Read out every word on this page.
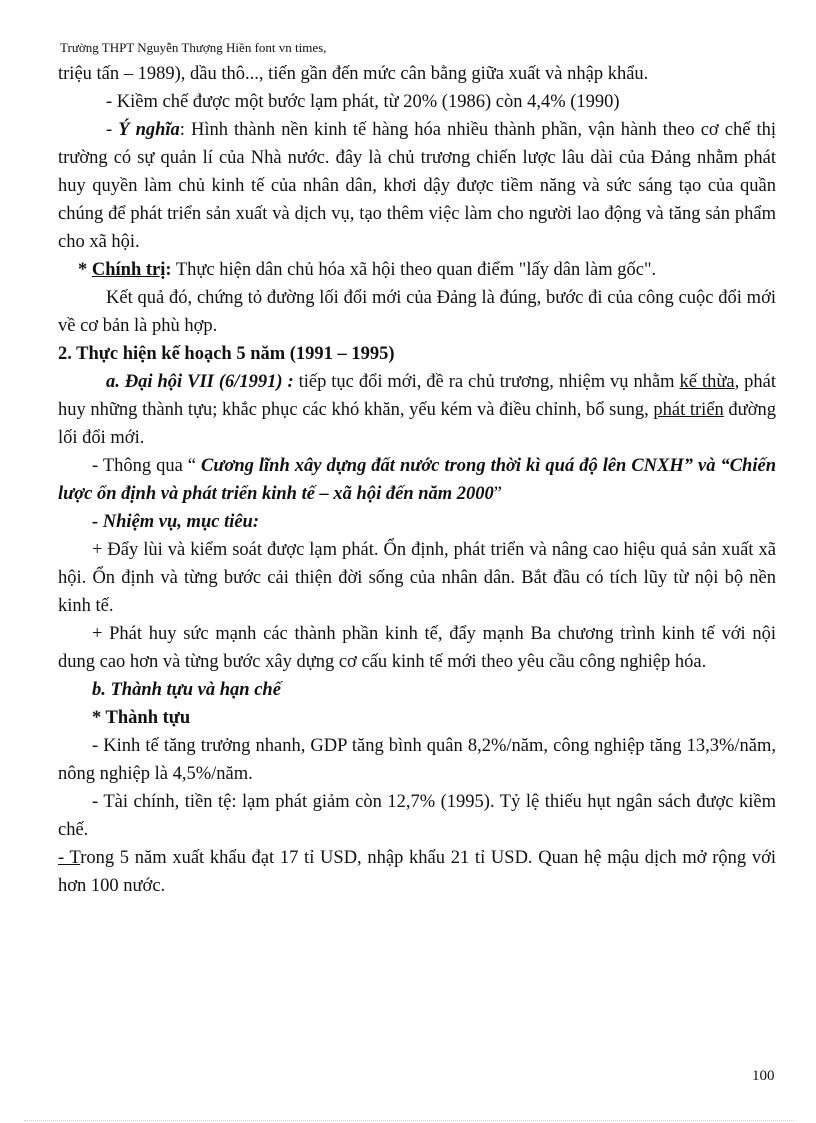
Trường THPT Nguyễn Thượng Hiền font vn times,

triệu tấn – 1989), dầu thô..., tiến gần đến mức cân bằng giữa xuất và nhập khẩu.

- Kiềm chế được một bước lạm phát, từ 20% (1986) còn 4,4% (1990)

- Ý nghĩa: Hình thành nền kinh tế hàng hóa nhiều thành phần, vận hành theo cơ chế thị trường có sự quản lí của Nhà nước. đây là chủ trương chiến lược lâu dài của Đảng nhằm phát huy quyền làm chủ kinh tế của nhân dân, khơi dậy được tiềm năng và sức sáng tạo của quần chúng để phát triển sản xuất và dịch vụ, tạo thêm việc làm cho người lao động và tăng sản phẩm cho xã hội.

* Chính trị: Thực hiện dân chủ hóa xã hội theo quan điểm "lấy dân làm gốc".

Kết quả đó, chứng tỏ đường lối đổi mới của Đảng là đúng, bước đi của công cuộc đổi mới về cơ bản là phù hợp.

2. Thực hiện kế hoạch 5 năm (1991 – 1995)

a. Đại hội VII (6/1991) : tiếp tục đổi mới, đề ra chủ trương, nhiệm vụ nhằm kế thừa, phát huy những thành tựu; khắc phục các khó khăn, yếu kém và điều chỉnh, bổ sung, phát triển đường lối đổi mới.

- Thông qua “ Cương lĩnh xây dựng đất nước trong thời kì quá độ lên CNXH” và “Chiến lược ổn định và phát triển kinh tế – xã hội đến năm 2000”

- Nhiệm vụ, mục tiêu:

+ Đẩy lùi và kiểm soát được lạm phát. Ổn định, phát triển và nâng cao hiệu quả sản xuất xã hội. Ổn định và từng bước cải thiện đời sống của nhân dân. Bắt đầu có tích lũy từ nội bộ nền kinh tế.

+ Phát huy sức mạnh các thành phần kinh tế, đẩy mạnh Ba chương trình kinh tế với nội dung cao hơn và từng bước xây dựng cơ cấu kinh tế mới theo yêu cầu công nghiệp hóa.

b. Thành tựu và hạn chế

* Thành tựu

- Kinh tế tăng trưởng nhanh, GDP tăng bình quân 8,2%/năm, công nghiệp tăng 13,3%/năm, nông nghiệp là 4,5%/năm.

- Tài chính, tiền tệ: lạm phát giảm còn 12,7% (1995). Tỷ lệ thiếu hụt ngân sách được kiềm chế.

- Trong 5 năm xuất khẩu đạt 17 tỉ USD, nhập khẩu 21 tỉ USD. Quan hệ mậu dịch mở rộng với hơn 100 nước.

100
